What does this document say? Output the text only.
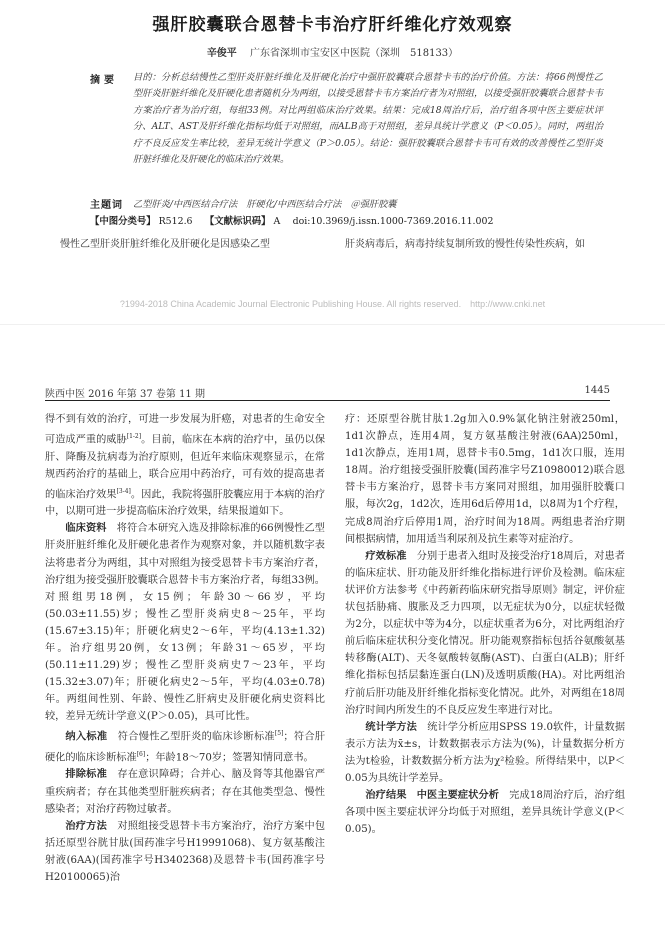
强肝胶囊联合恩替卡韦治疗肝纤维化疗效观察
辛俊平 广东省深圳市宝安区中医院（深圳　518133）
摘要 目的：分析总结慢性乙型肝炎肝脏纤维化及肝硬化治疗中强肝胶囊联合恩替卡韦的治疗价值。方法：将66例慢性乙型肝炎肝脏纤维化及肝硬化患者随机分为两组，以接受恩替卡韦方案治疗者为对照组，以接受强肝胶囊联合恩替卡韦方案治疗者为治疗组，每组33例。对比两组临床治疗效果。结果：完成18周治疗后，治疗组各项中医主要症状评分、ALT、AST及肝纤维化指标均低于对照组，而ALB高于对照组，差异具统计学意义（P＜0.05）。同时，两组治疗不良反应发生率比较，差异无统计学意义（P＞0.05）。结论：强肝胶囊联合恩替卡韦可有效的改善慢性乙型肝炎肝脏纤维化及肝硬化的临床治疗效果。
主题词 乙型肝炎/中西医结合疗法　肝硬化/中西医结合疗法　＠强肝胶囊
【中图分类号】 R512.6　 【文献标识码】 A　 doi:10.3969/j.issn.1000-7369.2016.11.002
慢性乙型肝炎肝脏纤维化及肝硬化是因感染乙型	肝炎病毒后，病毒持续复制所致的慢性传染性疾病，如
?1994-2018 China Academic Journal Electronic Publishing House. All rights reserved.　http://www.cnki.net
陕西中医 2016 年第 37 卷第 11 期	1445

得不到有效的治疗，可进一步发展为肝癌，对患者的生命安全可造成严重的威胁[1-2]。目前，临床在本病的治疗中，虽仍以保肝、降酶及抗病毒为治疗原则，但近年来临床观察显示，在常规西药治疗的基础上，联合应用中药治疗，可有效的提高患者的临床治疗效果[3-4]。因此，我院将强肝胶囊应用于本病的治疗中，以期可进一步提高临床治疗效果，结果报道如下。

临床资料　 将符合本研究入选及排除标准的66例慢性乙型肝炎肝脏纤维化及肝硬化患者作为观察对象，并以随机数字表法将患者分为两组，其中对照组为接受恩替卡韦方案治疗者，治疗组为接受强肝胶囊联合恩替卡韦方案治疗者，每组33例。对照组男18例，女15例；年龄30～66岁，平均(50.03±11.55)岁；慢性乙型肝炎病史8～25年，平均(15.67±3.15)年；肝硬化病史2～6年，平均(4.13±1.32)年。治疗组男20例，女13例；年龄31～65岁，平均(50.11±11.29)岁；慢性乙型肝炎病史7～23年，平均(15.32±3.07)年；肝硬化病史2～5年，平均(4.03±0.78)年。两组间性别、年龄、慢性乙肝病史及肝硬化病史资料比较，差异无统计学意义(P＞0.05)，具可比性。

纳入标准　 符合慢性乙型肝炎的临床诊断标准[5]；符合肝硬化的临床诊断标准[6]；年龄18～70岁；签署知情同意书。

排除标准　 存在意识障碍；合并心、脑及肾等其他器官严重疾病者；存在其他类型肝脏疾病者；存在其他类型急、慢性感染者；对治疗药物过敏者。

治疗方法　 对照组接受恩替卡韦方案治疗，治疗方案中包括还原型谷胱甘肽(国药准字号H19991068)、复方氨基酸注射液(6AA)(国药准字号H3402368)及恩替卡韦(国药准字号H20100065)治

疗：还原型谷胱甘肽1.2g加入0.9%氯化钠注射液250ml，1d1次静点，连用4周，复方氨基酸注射液(6AA)250ml，1d1次静点，连用1周，恩替卡韦0.5mg，1d1次口服，连用18周。治疗组接受强肝胶囊(国药准字号Z10980012)联合恩替卡韦方案治疗，恩替卡韦方案同对照组，加用强肝胶囊口服，每次2g，1d2次，连用6d后停用1d，以8周为1个疗程，完成8周治疗后停用1周，治疗时间为18周。两组患者治疗期间根据病情，加用适当利尿剂及抗生素等对症治疗。

疗效标准　 分别于患者入组时及接受治疗18周后，对患者的临床症状、肝功能及肝纤维化指标进行评价及检测。临床症状评价方法参考《中药新药临床研究指导原则》制定，评价症状包括胁痛、腹胀及乏力四项，以无症状为0分，以症状轻微为2分，以症状中等为4分，以症状重者为6分，对比两组治疗前后临床症状积分变化情况。肝功能观察指标包括谷氨酸氨基转移酶(ALT)、天冬氨酸转氨酶(AST)、白蛋白(ALB)；肝纤维化指标包括层黏连蛋白(LN)及透明质酸(HA)。对比两组治疗前后肝功能及肝纤维化指标变化情况。此外，对两组在18周治疗时间内所发生的不良反应发生率进行对比。

统计学方法　 统计学分析应用SPSS 19.0软件，计量数据表示方法为x̄±s，计数数据表示方法为(%)，计量数据分析方法为t检验，计数数据分析方法为χ²检验。所得结果中，以P＜0.05为具统计学差异。

治疗结果　 中医主要症状分析　 完成18周治疗后，治疗组各项中医主要症状评分均低于对照组，差异具统计学意义(P＜0.05)。
